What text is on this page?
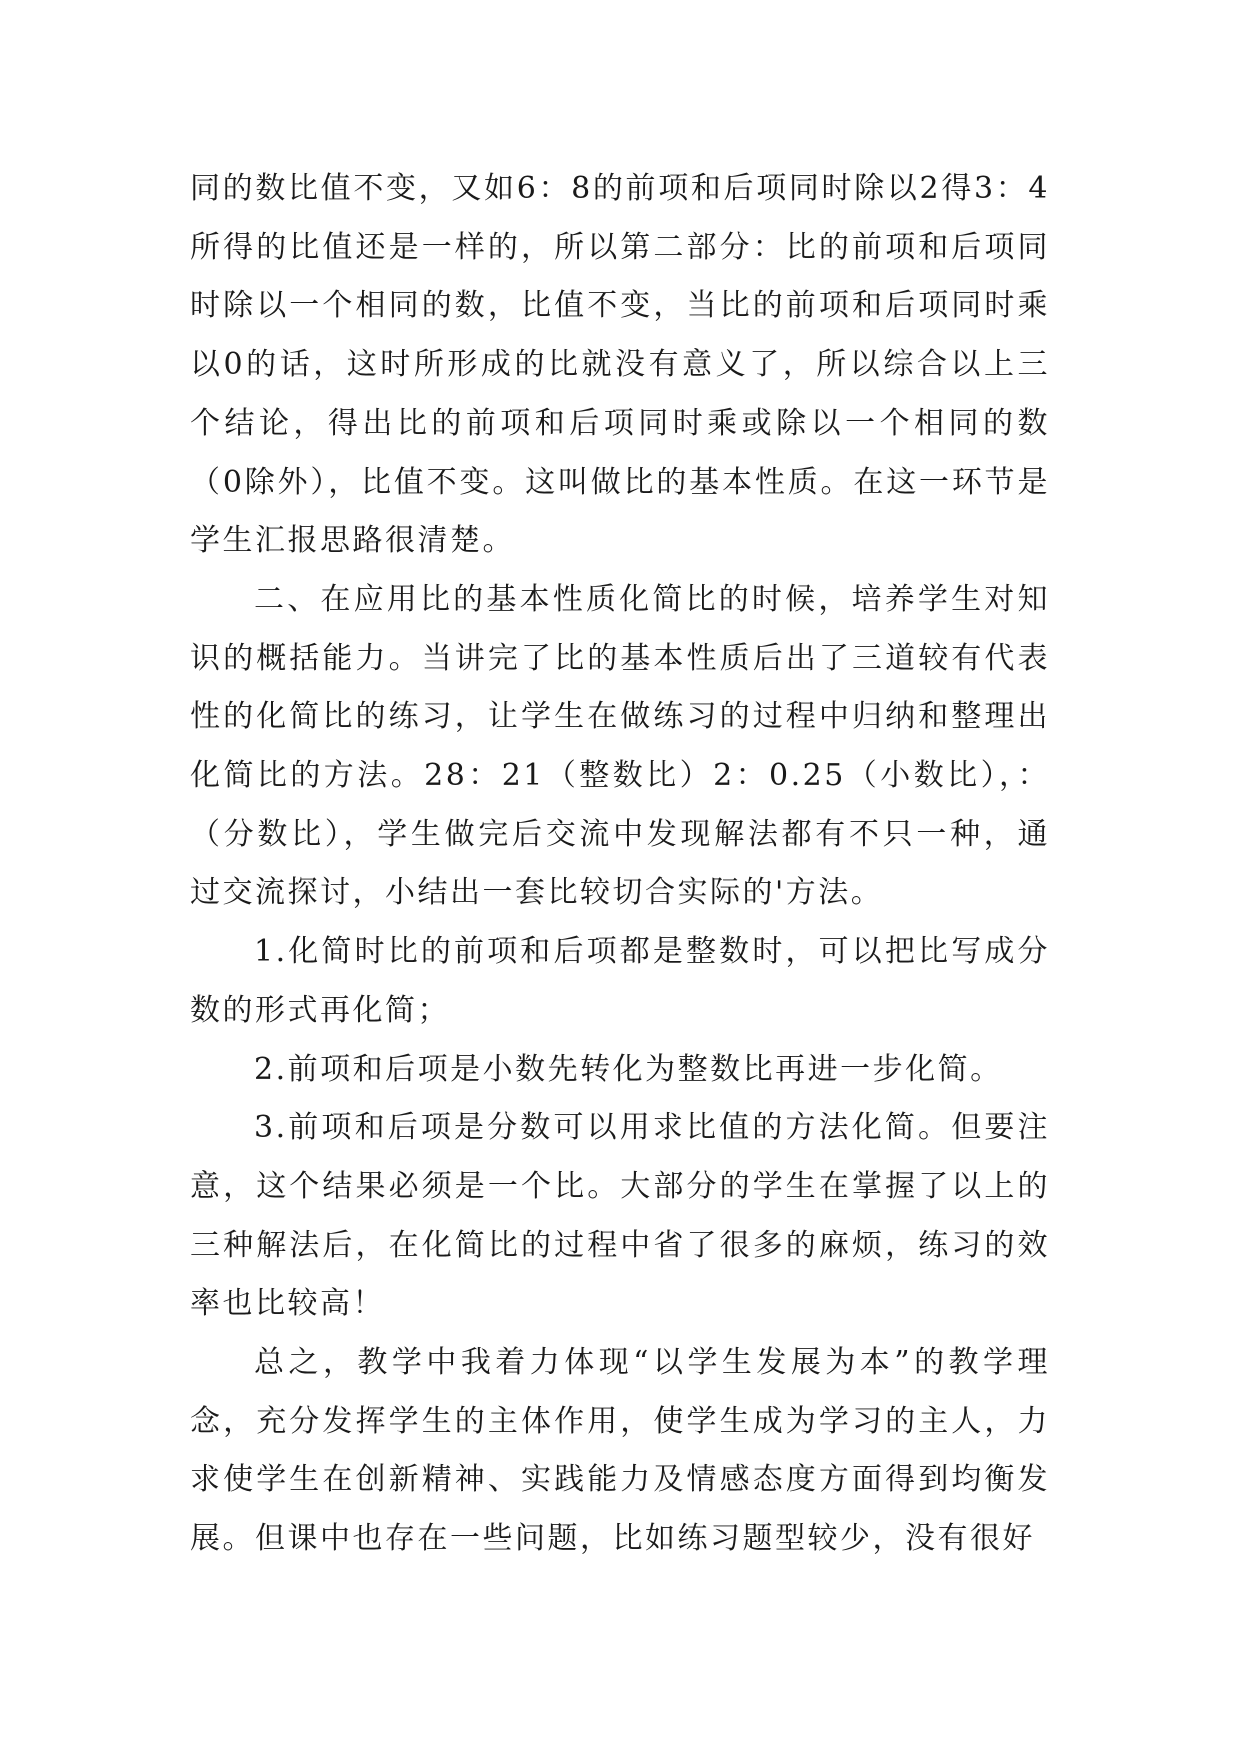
同的数比值不变，又如6：8的前项和后项同时除以2得3：4所得的比值还是一样的，所以第二部分：比的前项和后项同时除以一个相同的数，比值不变，当比的前项和后项同时乘以0的话，这时所形成的比就没有意义了，所以综合以上三个结论，得出比的前项和后项同时乘或除以一个相同的数（0除外），比值不变。这叫做比的基本性质。在这一环节是学生汇报思路很清楚。

二、在应用比的基本性质化简比的时候，培养学生对知识的概括能力。当讲完了比的基本性质后出了三道较有代表性的化简比的练习，让学生在做练习的过程中归纳和整理出化简比的方法。28：21（整数比）2：0.25（小数比），：（分数比），学生做完后交流中发现解法都有不只一种，通过交流探讨，小结出一套比较切合实际的'方法。

1.化简时比的前项和后项都是整数时，可以把比写成分数的形式再化简；

2.前项和后项是小数先转化为整数比再进一步化简。

3.前项和后项是分数可以用求比值的方法化简。但要注意，这个结果必须是一个比。大部分的学生在掌握了以上的三种解法后，在化简比的过程中省了很多的麻烦，练习的效率也比较高！

总之，教学中我着力体现“以学生发展为本”的教学理念，充分发挥学生的主体作用，使学生成为学习的主人，力求使学生在创新精神、实践能力及情感态度方面得到均衡发展。但课中也存在一些问题，比如练习题型较少，没有很好
